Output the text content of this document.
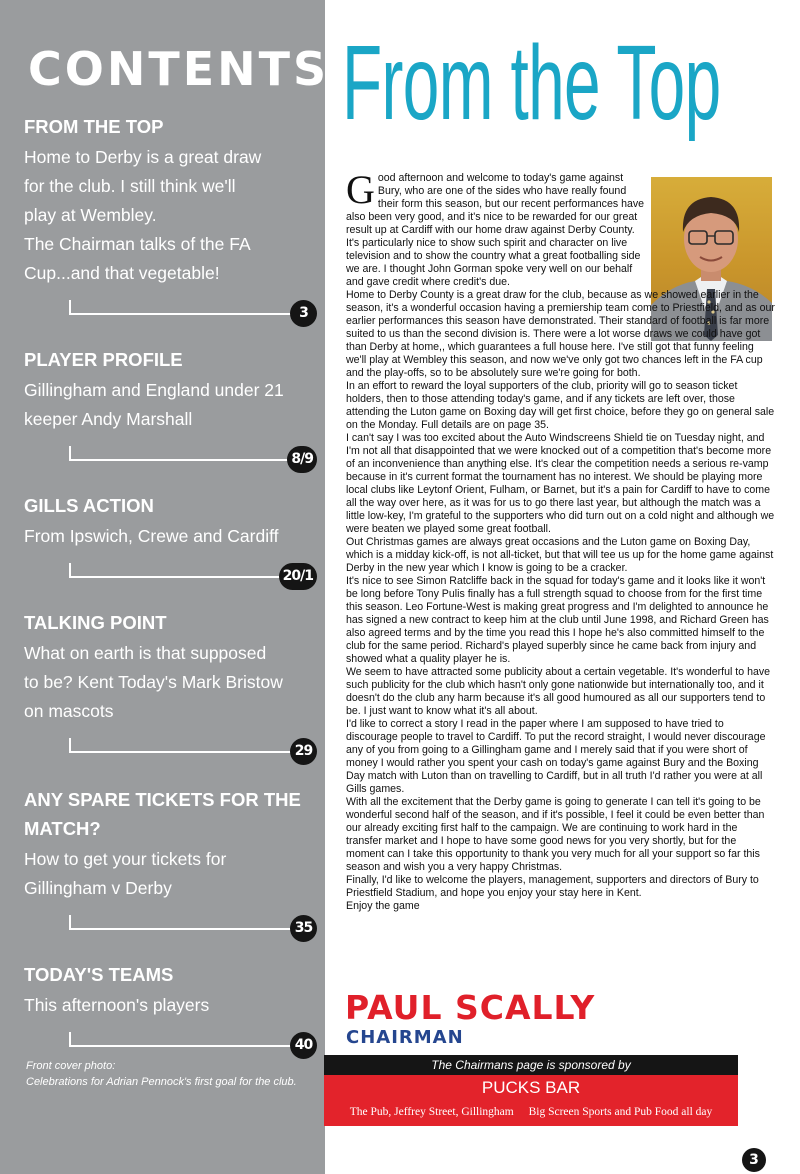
CONTENTS
FROM THE TOP
Home to Derby is a great draw
for the club. I still think we'll
play at Wembley.
The Chairman talks of the FA
Cup...and that vegetable!
3
PLAYER PROFILE
Gillingham and England under 21
keeper Andy Marshall
8/9
GILLS ACTION
From Ipswich, Crewe and Cardiff
20/1
TALKING POINT
What on earth is that supposed
to be? Kent Today's Mark Bristow
on mascots
29
ANY SPARE TICKETS FOR THE MATCH?
How to get your tickets for
Gillingham v Derby
35
TODAY'S TEAMS
This afternoon's players
40
Front cover photo:
Celebrations for Adrian Pennock's first goal for the club.
From the Top

Good afternoon and welcome to today's game against Bury, who are one of the sides who have really found their form this season, but our recent performances have also been very good, and it's nice to be rewarded for our great result up at Cardiff with our home draw against Derby County. It's particularly nice to show such spirit and character on live television and to show the country what a great footballing side we are. I thought John Gorman spoke very well on our behalf and gave credit where credit's due.

Home to Derby County is a great draw for the club, because as we showed earlier in the season, it's a wonderful occasion having a premiership team come to Priestfield, and as our earlier performances this season have demonstrated. Their standard of football is far more suited to us than the second division is. There were a lot worse draws we could have got than Derby at home,, which guarantees a full house here. I've still got that funny feeling we'll play at Wembley this season, and now we've only got two chances left in the FA cup and the play-offs, so to be absolutely sure we're going for both.

In an effort to reward the loyal supporters of the club, priority will go to season ticket holders, then to those attending today's game, and if any tickets are left over, those attending the Luton game on Boxing day will get first choice, before they go on general sale on the Monday. Full details are on page 35.

I can't say I was too excited about the Auto Windscreens Shield tie on Tuesday night, and I'm not all that disappointed that we were knocked out of a competition that's become more of an inconvenience than anything else. It's clear the competition needs a serious re-vamp because in it's current format the tournament has no interest. We should be playing more local clubs like Leytonf Orient, Fulham, or Barnet, but it's a pain for Cardiff to have to come all the way over here, as it was for us to go there last year, but although the match was a little low-key, I'm grateful to the supporters who did turn out on a cold night and although we were beaten we played some great football.

Out Christmas games are always great occasions and the Luton game on Boxing Day, which is a midday kick-off, is not all-ticket, but that will tee us up for the home game against Derby in the new year which I know is going to be a cracker.

It's nice to see Simon Ratcliffe back in the squad for today's game and it looks like it won't be long before Tony Pulis finally has a full strength squad to choose from for the first time this season. Leo Fortune-West is making great progress and I'm delighted to announce he has signed a new contract to keep him at the club until June 1998, and Richard Green has also agreed terms and by the time you read this I hope he's also committed himself to the club for the same period. Richard's played superbly since he came back from injury and showed what a quality player he is.

We seem to have attracted some publicity about a certain vegetable. It's wonderful to have such publicity for the club which hasn't only gone nationwide but internationally too, and it doesn't do the club any harm because it's all good humoured as all our supporters tend to be. I just want to know what it's all about.

I'd like to correct a story I read in the paper where I am supposed to have tried to discourage people to travel to Cardiff. To put the record straight, I would never discourage any of you from going to a Gillingham game and I merely said that if you were short of money I would rather you spent your cash on today's game against Bury and the Boxing Day match with Luton than on travelling to Cardiff, but in all truth I'd rather you were at all Gills games.

With all the excitement that the Derby game is going to generate I can tell it's going to be wonderful second half of the season, and if it's possible, I feel it could be even better than our already exciting first half to the campaign. We are continuing to work hard in the transfer market and I hope to have some good news for you very shortly, but for the moment can I take this opportunity to thank you very much for all your support so far this season and wish you a very happy Christmas.

Finally, I'd like to welcome the players, management, supporters and directors of Bury to Priestfield Stadium, and hope you enjoy your stay here in Kent.

Enjoy the game

PAUL SCALLY
CHAIRMAN
The Chairmans page is sponsored by
PUCKS BAR
The Pub, Jeffrey Street, Gillingham Big Screen Sports and Pub Food all day
3
